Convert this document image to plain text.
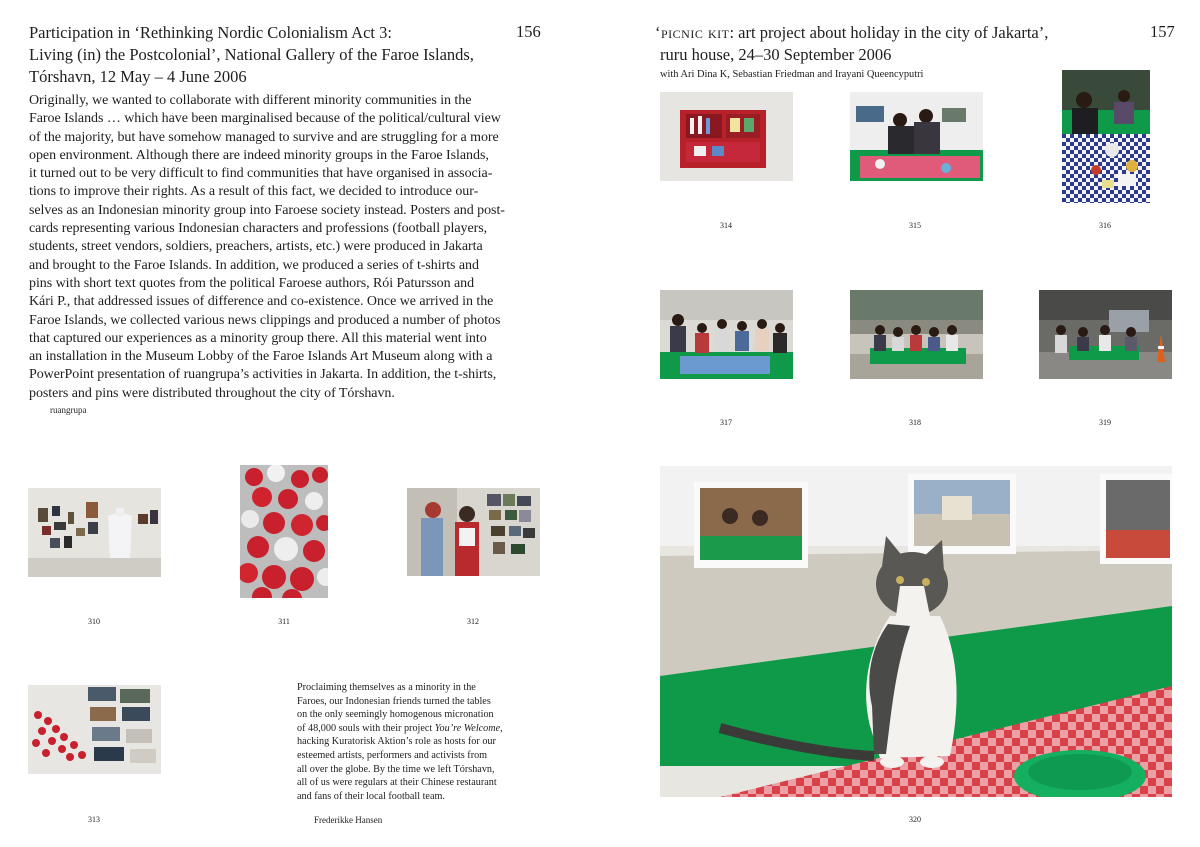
Participation in ‘Rethinking Nordic Colonialism Act 3:
Living (in) the Postcolonial’, National Gallery of the Faroe Islands,
Tórshavn, 12 May – 4 June 2006
156
Originally, we wanted to collaborate with different minority communities in the
Faroe Islands … which have been marginalised because of the political/cultural view
of the majority, but have somehow managed to survive and are struggling for a more
open environment. Although there are indeed minority groups in the Faroe Islands,
it turned out to be very difficult to find communities that have organised in associa-
tions to improve their rights. As a result of this fact, we decided to introduce our-
selves as an Indonesian minority group into Faroese society instead. Posters and post-
cards representing various Indonesian characters and professions (football players,
students, street vendors, soldiers, preachers, artists, etc.) were produced in Jakarta
and brought to the Faroe Islands. In addition, we produced a series of t-shirts and
pins with short text quotes from the political Faroese authors, Rói Patursson and
Kári P., that addressed issues of difference and co-existence. Once we arrived in the
Faroe Islands, we collected various news clippings and produced a number of photos
that captured our experiences as a minority group there. All this material went into
an installation in the Museum Lobby of the Faroe Islands Art Museum along with a
PowerPoint presentation of ruangrupa’s activities in Jakarta. In addition, the t-shirts,
posters and pins were distributed throughout the city of Tórshavn.
ruangrupa
310	311	312
313
Proclaiming themselves as a minority in the
Faroes, our Indonesian friends turned the tables
on the only seemingly homogenous micronation
of 48,000 souls with their project You’re Welcome,
hacking Kuratorisk Aktion’s role as hosts for our
esteemed artists, performers and activists from
all over the globe. By the time we left Tórshavn,
all of us were regulars at their Chinese restaurant
and fans of their local football team.
Frederikke Hansen
‘picnic kit: art project about holiday in the city of Jakarta’,
ruru house, 24–30 September 2006
157
with Ari Dina K, Sebastian Friedman and Irayani Queencyputri
314	315	316
317	318	319
320
